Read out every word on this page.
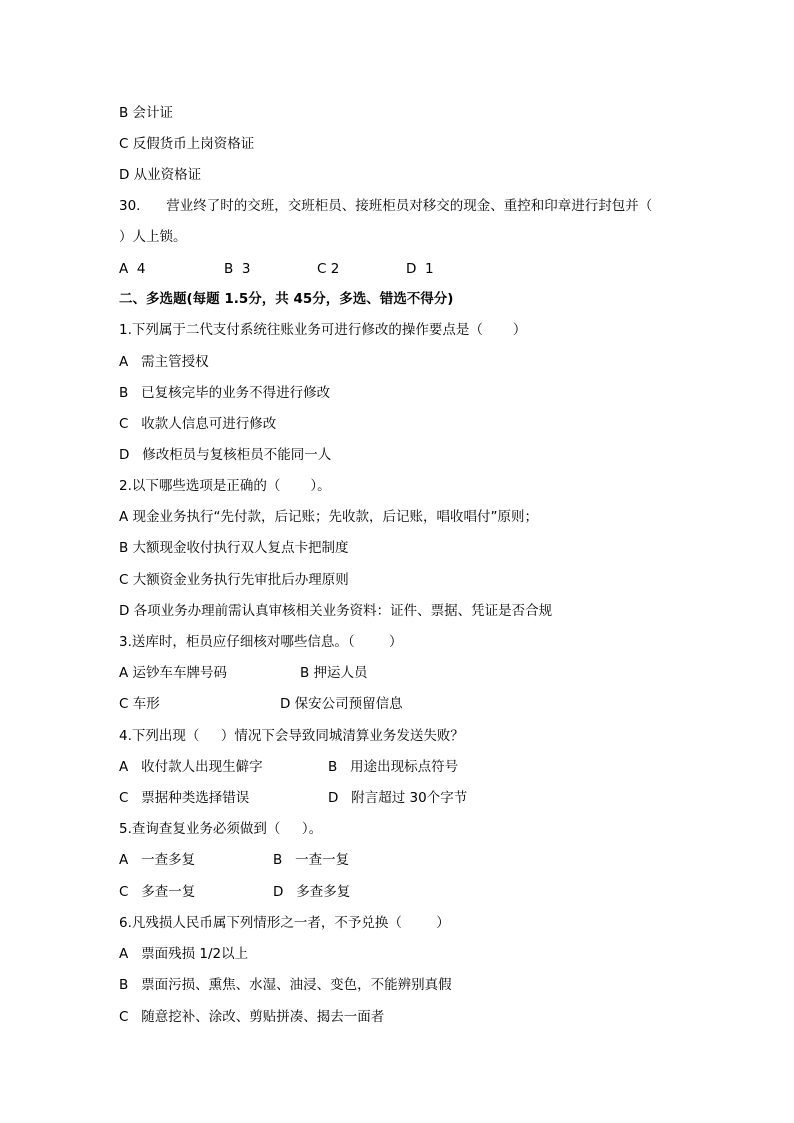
B 会计证
C 反假货币上岗资格证
D 从业资格证
30.      营业终了时的交班，交班柜员、接班柜员对移交的现金、重控和印章进行封包并（
）人上锁。

A  4

	B  3

	C 2

	D  1

二、多选题(每题 1.5分，共 45分，多选、错选不得分)
1.下列属于二代支付系统往账业务可进行修改的操作要点是（       ）
A   需主管授权
B   已复核完毕的业务不得进行修改
C   收款人信息可进行修改
D   修改柜员与复核柜员不能同一人
2.以下哪些选项是正确的（       ）。
A 现金业务执行“先付款，后记账；先收款，后记账，唱收唱付”原则；
B 大额现金收付执行双人复点卡把制度
C 大额资金业务执行先审批后办理原则
D 各项业务办理前需认真审核相关业务资料：证件、票据、凭证是否合规
3.送库时，柜员应仔细核对哪些信息。（        ）

A 运钞车车牌号码

	B 押运人员

C 车形

	D 保安公司预留信息

4.下列出现（     ）情况下会导致同城清算业务发送失败？

A   收付款人出现生僻字

	B   用途出现标点符号

C   票据种类选择错误

	D   附言超过 30个字节

5.查询查复业务必须做到（     ）。

A   一查多复

	B   一查一复

C   多查一复

	D   多查多复

6.凡残损人民币属下列情形之一者，不予兑换（        ）
A   票面残损 1/2以上
B   票面污损、熏焦、水湿、油浸、变色，不能辨别真假
C   随意挖补、涂改、剪贴拼凑、揭去一面者
